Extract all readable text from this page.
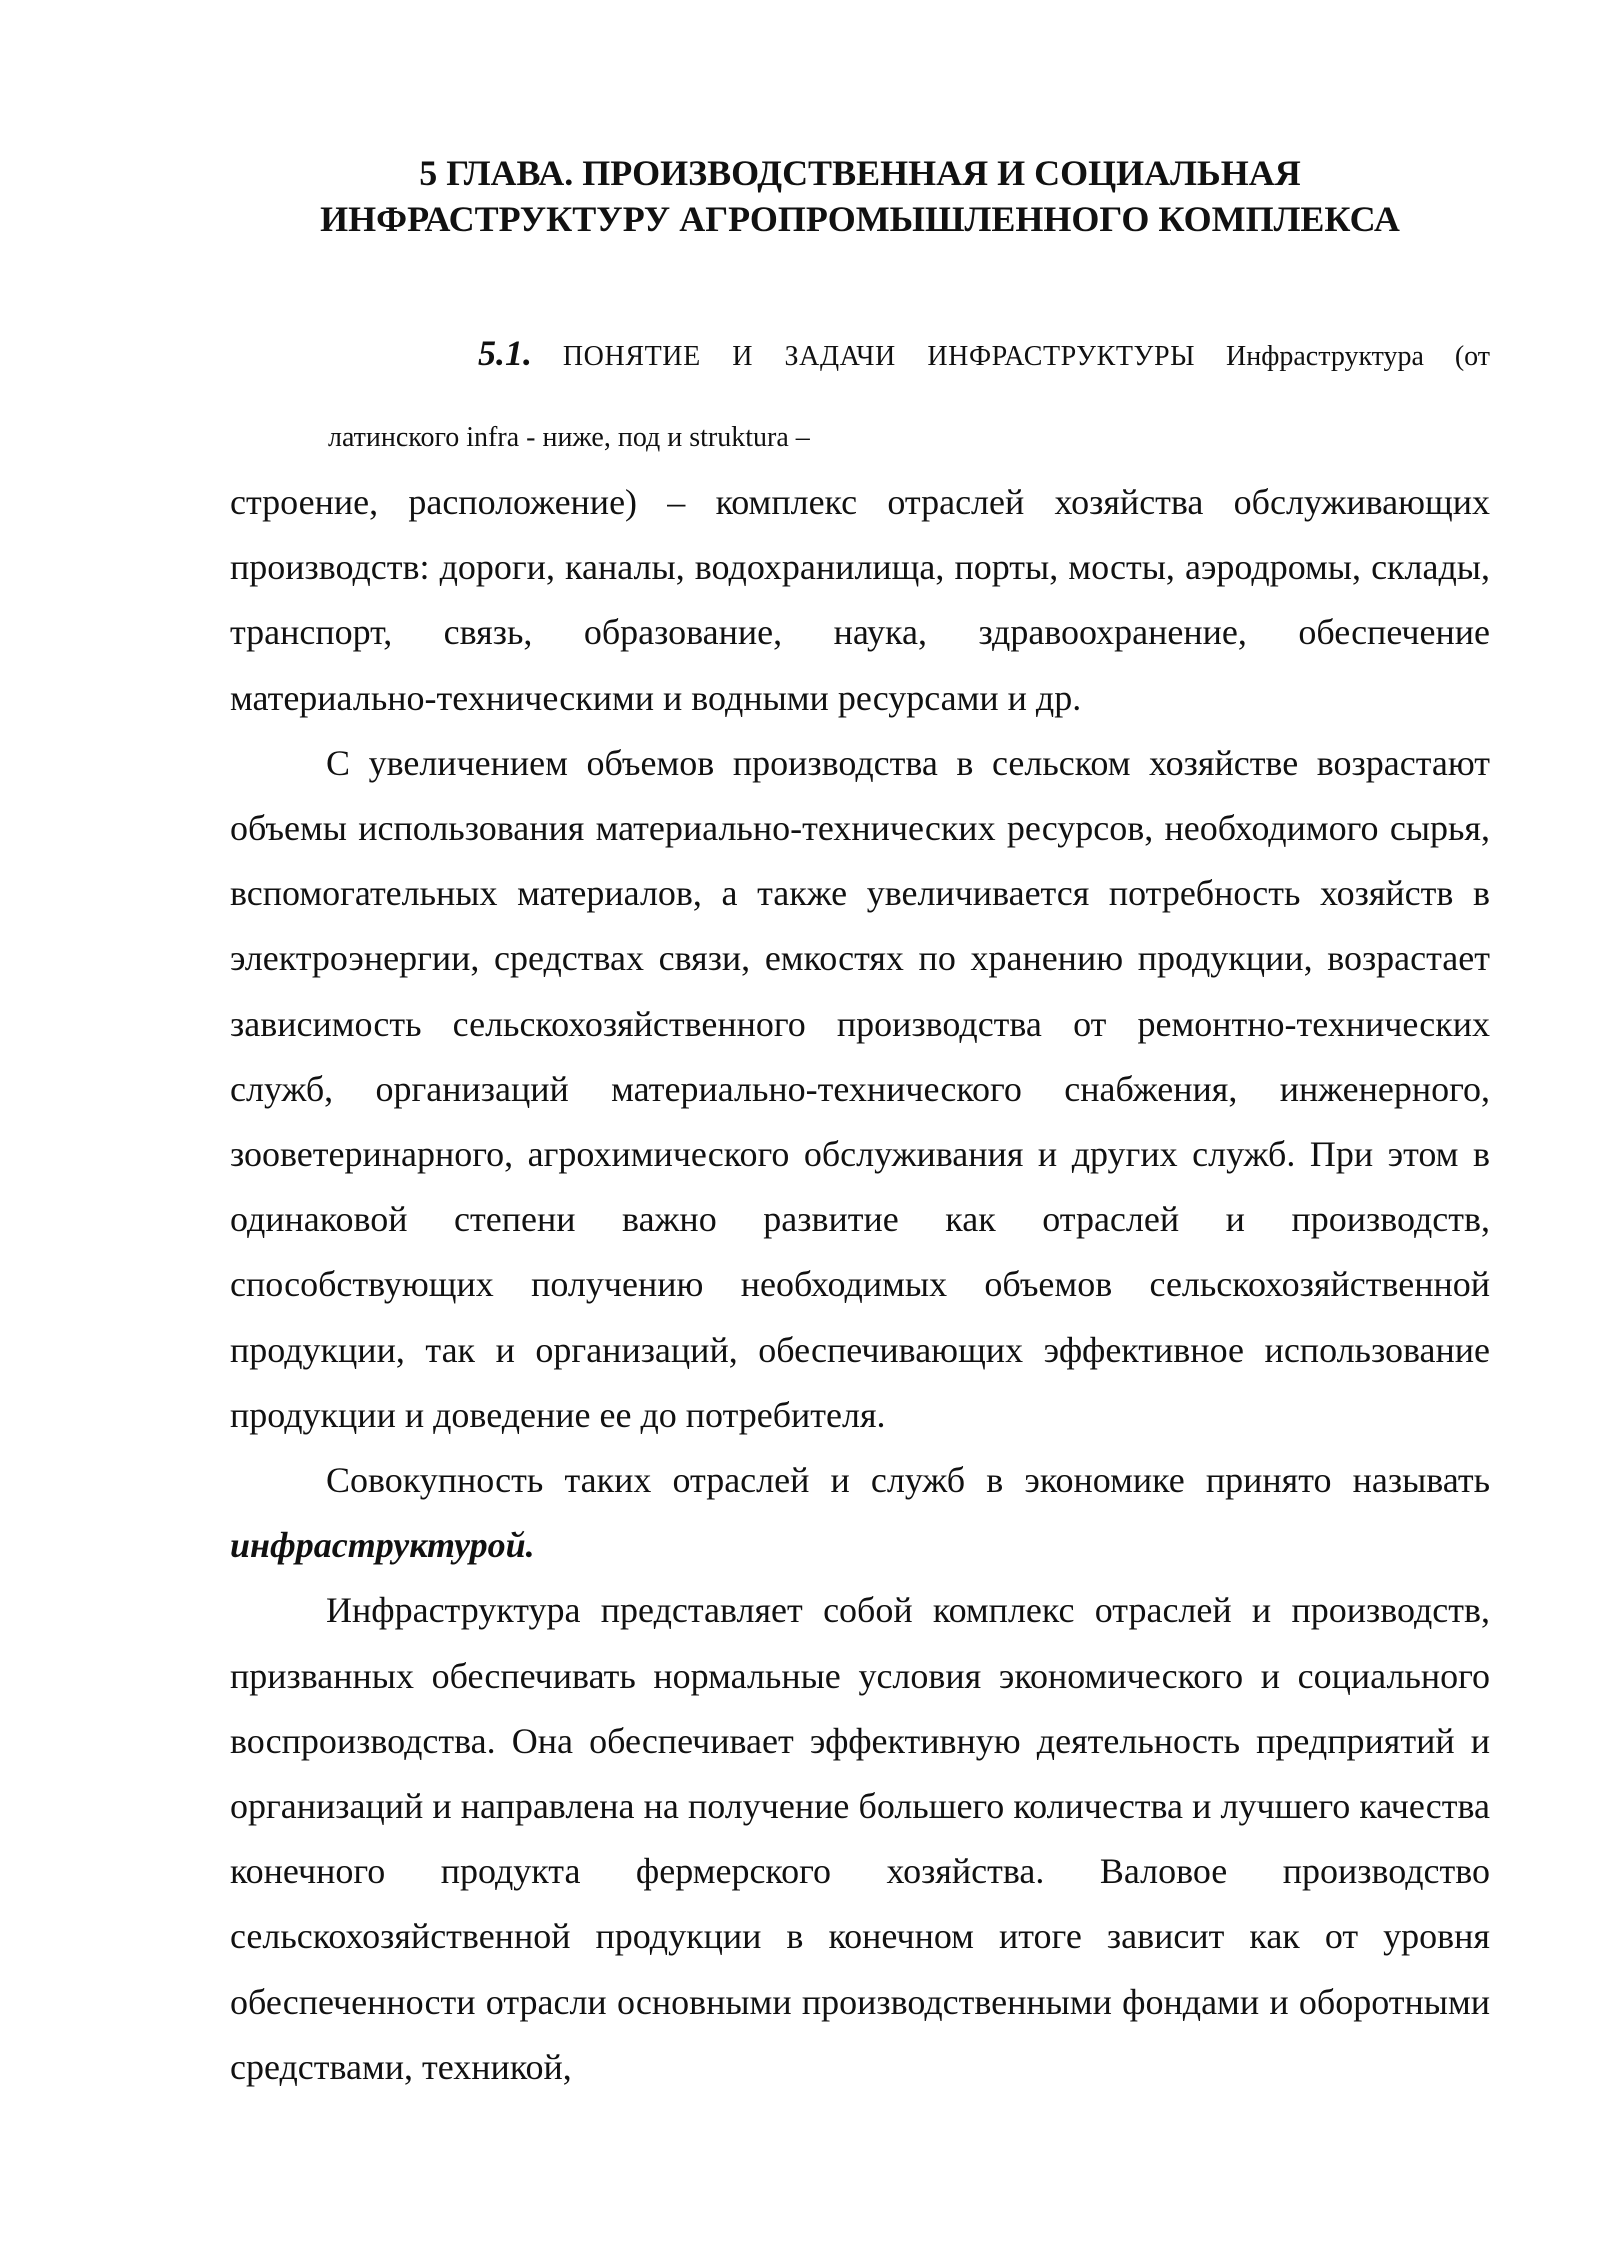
5 ГЛАВА. ПРОИЗВОДСТВЕННАЯ И СОЦИАЛЬНАЯ
ИНФРАСТРУКТУРУ АГРОПРОМЫШЛЕННОГО КОМПЛЕКСА
5.1. ПОНЯТИЕ И ЗАДАЧИ ИНФРАСТРУКТУРЫ Инфраструктура (от
латинского infra - ниже, под и struktura –

строение, расположение) – комплекс отраслей хозяйства обслуживающих производств: дороги, каналы, водохранилища, порты, мосты, аэродромы, склады, транспорт, связь, образование, наука, здравоохранение, обеспечение материально-техническими и водными ресурсами и др.

С увеличением объемов производства в сельском хозяйстве возрастают объемы использования материально-технических ресурсов, необходимого сырья, вспомогательных материалов, а также увеличивается потребность хозяйств в электроэнергии, средствах связи, емкостях по хранению продукции, возрастает зависимость сельскохозяйственного производства от ремонтно-технических служб, организаций материально-технического снабжения, инженерного, зооветеринарного, агрохимического обслуживания и других служб. При этом в одинаковой степени важно развитие как отраслей и производств, способствующих получению необходимых объемов сельскохозяйственной продукции, так и организаций, обеспечивающих эффективное использование продукции и доведение ее до потребителя.

Совокупность таких отраслей и служб в экономике принято называть инфраструктурой.

Инфраструктура представляет собой комплекс отраслей и производств, призванных обеспечивать нормальные условия экономического и социального воспроизводства. Она обеспечивает эффективную деятельность предприятий и организаций и направлена на получение большего количества и лучшего качества конечного продукта фермерского хозяйства. Валовое производство сельскохозяйственной продукции в конечном итоге зависит как от уровня обеспеченности отрасли основными производственными фондами и оборотными средствами, техникой,
